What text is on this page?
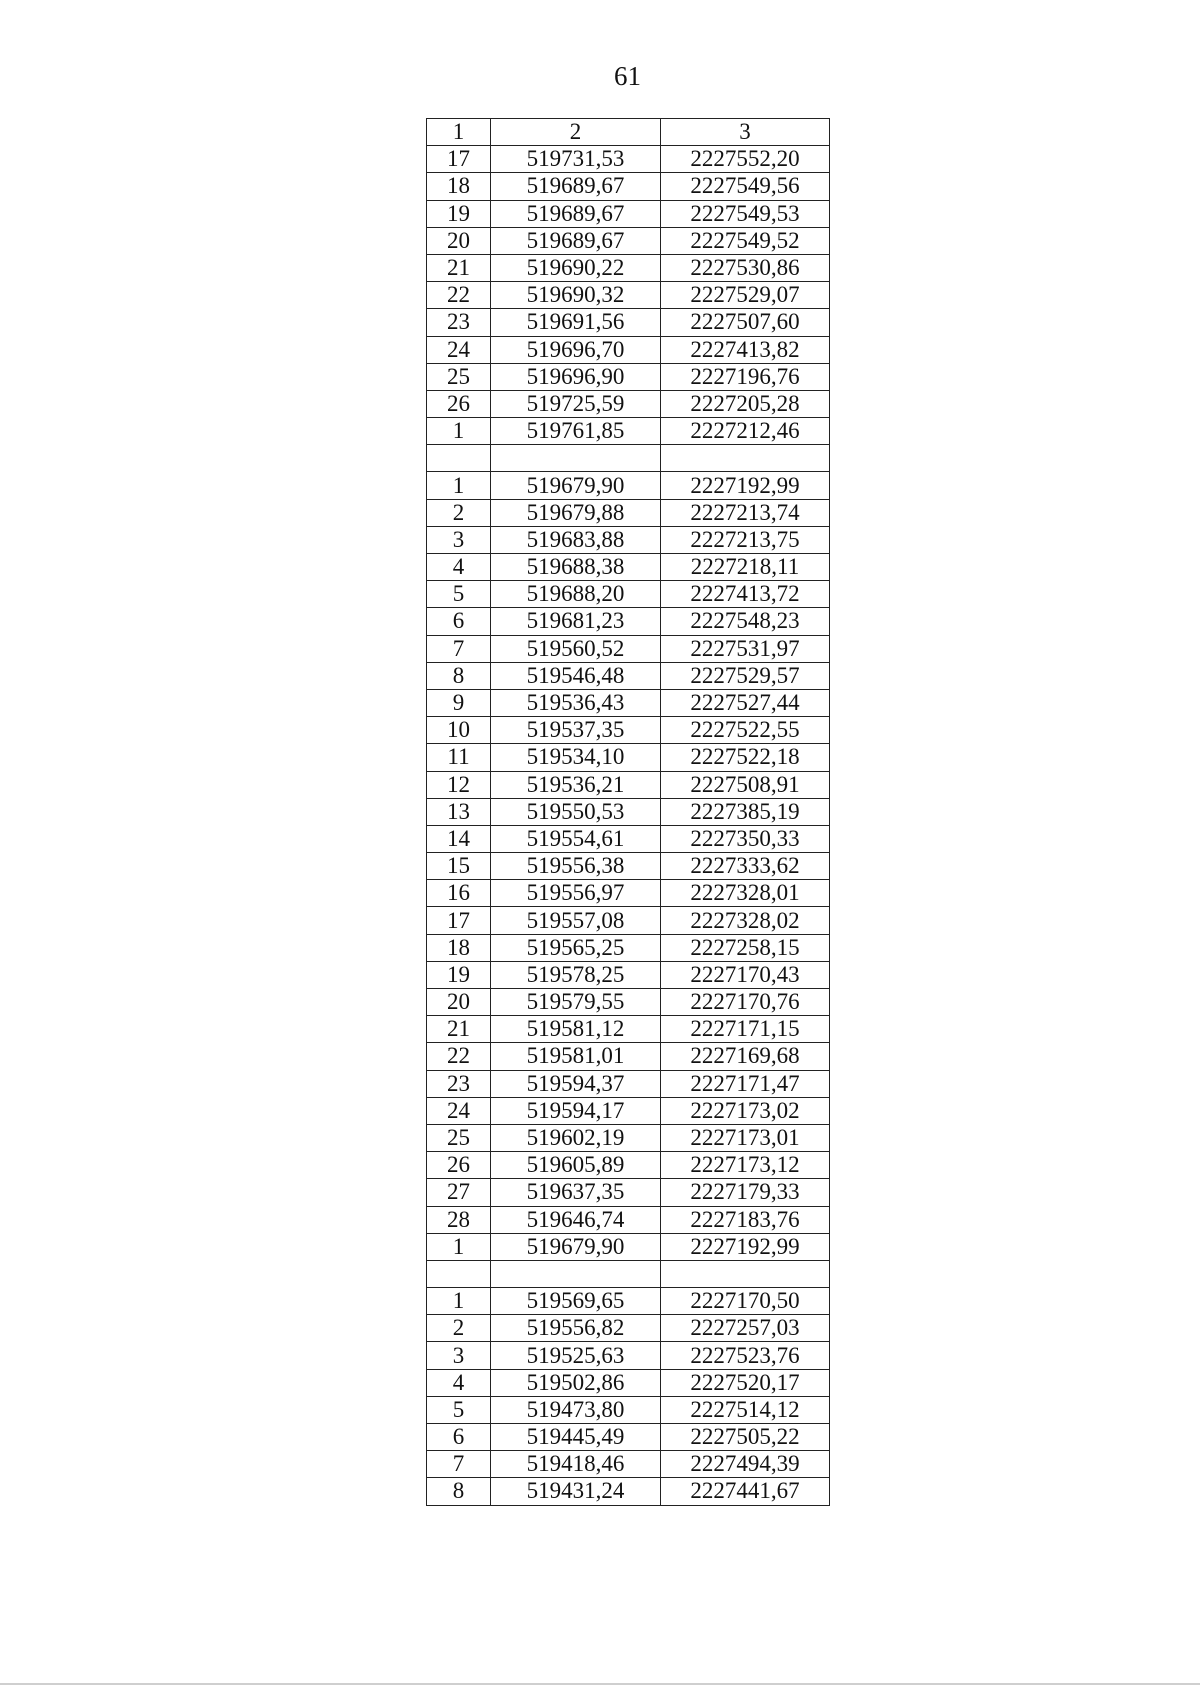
61
1	2	3
17	519731,53	2227552,20
18	519689,67	2227549,56
19	519689,67	2227549,53
20	519689,67	2227549,52
21	519690,22	2227530,86
22	519690,32	2227529,07
23	519691,56	2227507,60
24	519696,70	2227413,82
25	519696,90	2227196,76
26	519725,59	2227205,28
1	519761,85	2227212,46

1	519679,90	2227192,99
2	519679,88	2227213,74
3	519683,88	2227213,75
4	519688,38	2227218,11
5	519688,20	2227413,72
6	519681,23	2227548,23
7	519560,52	2227531,97
8	519546,48	2227529,57
9	519536,43	2227527,44
10	519537,35	2227522,55
11	519534,10	2227522,18
12	519536,21	2227508,91
13	519550,53	2227385,19
14	519554,61	2227350,33
15	519556,38	2227333,62
16	519556,97	2227328,01
17	519557,08	2227328,02
18	519565,25	2227258,15
19	519578,25	2227170,43
20	519579,55	2227170,76
21	519581,12	2227171,15
22	519581,01	2227169,68
23	519594,37	2227171,47
24	519594,17	2227173,02
25	519602,19	2227173,01
26	519605,89	2227173,12
27	519637,35	2227179,33
28	519646,74	2227183,76
1	519679,90	2227192,99

1	519569,65	2227170,50
2	519556,82	2227257,03
3	519525,63	2227523,76
4	519502,86	2227520,17
5	519473,80	2227514,12
6	519445,49	2227505,22
7	519418,46	2227494,39
8	519431,24	2227441,67
